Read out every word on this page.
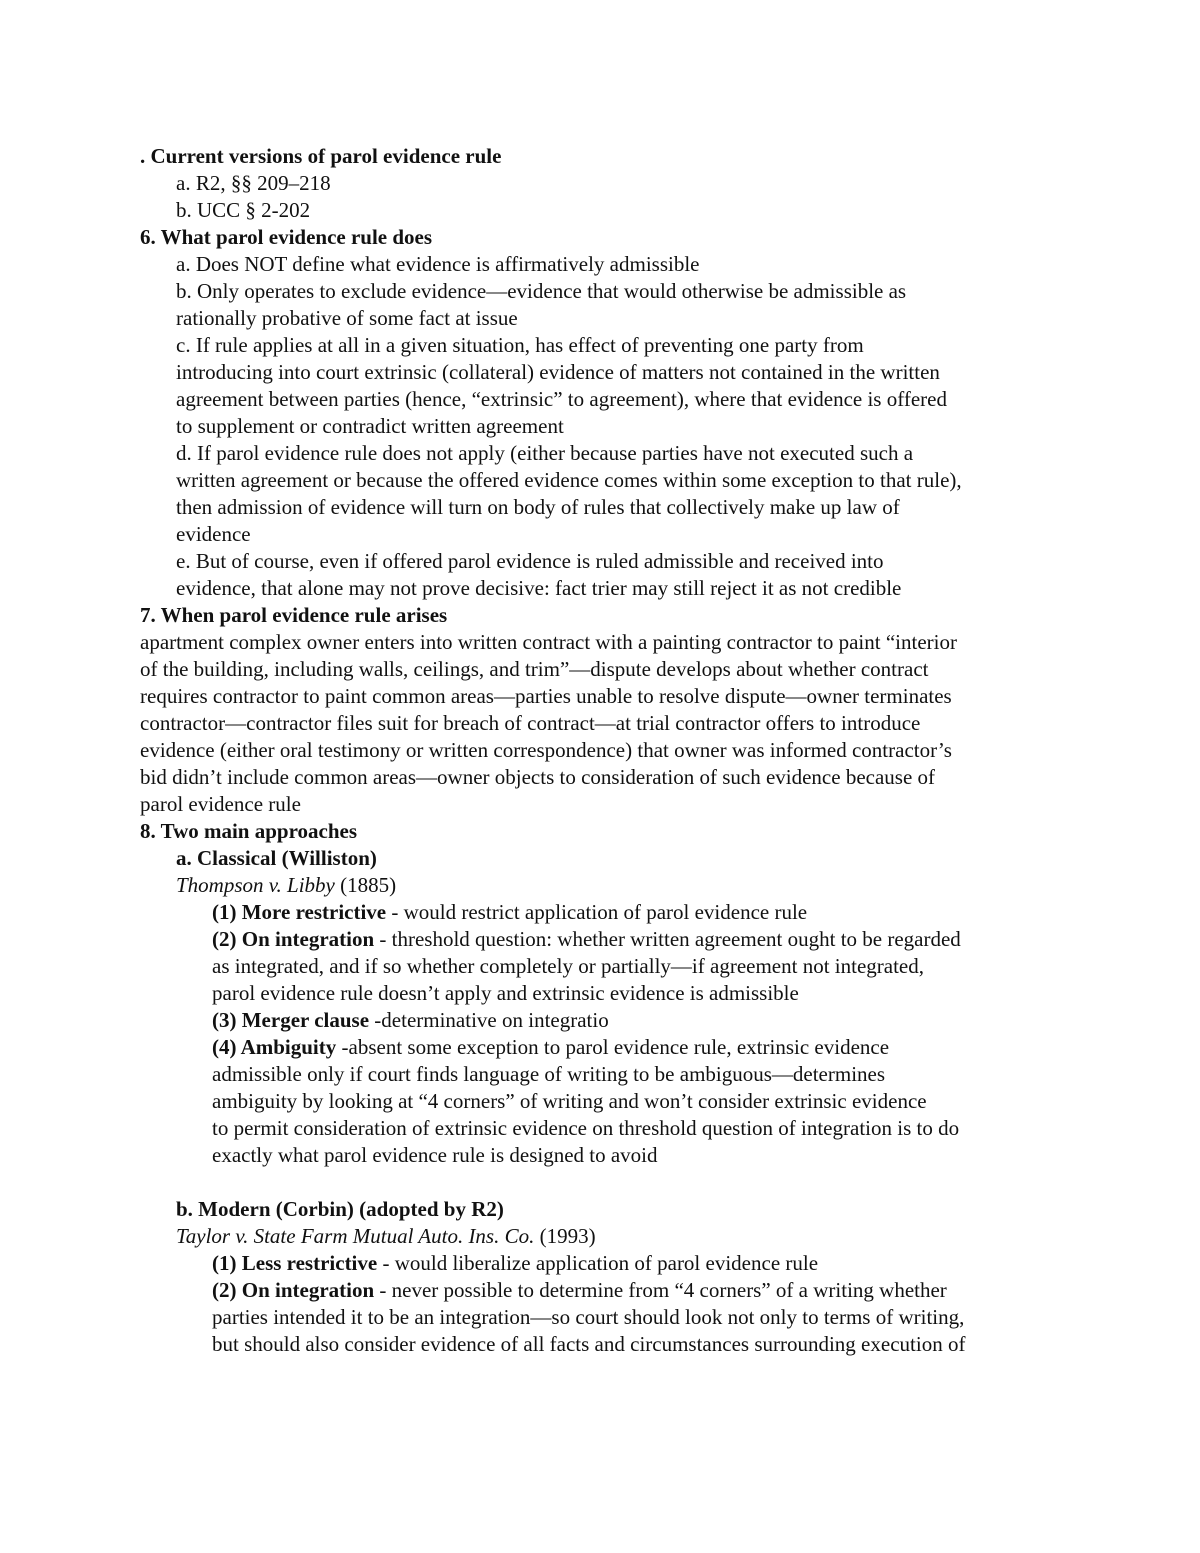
. Current versions of parol evidence rule
a. R2, §§ 209–218
b. UCC § 2-202
6. What parol evidence rule does
a. Does NOT define what evidence is affirmatively admissible
b. Only operates to exclude evidence—evidence that would otherwise be admissible as
rationally probative of some fact at issue
c. If rule applies at all in a given situation, has effect of preventing one party from
introducing into court extrinsic (collateral) evidence of matters not contained in the written
agreement between parties (hence, “extrinsic” to agreement), where that evidence is offered
to supplement or contradict written agreement
d. If parol evidence rule does not apply (either because parties have not executed such a
written agreement or because the offered evidence comes within some exception to that rule),
then admission of evidence will turn on body of rules that collectively make up law of
evidence
e. But of course, even if offered parol evidence is ruled admissible and received into
evidence, that alone may not prove decisive: fact trier may still reject it as not credible
7. When parol evidence rule arises
apartment complex owner enters into written contract with a painting contractor to paint “interior
of the building, including walls, ceilings, and trim”—dispute develops about whether contract
requires contractor to paint common areas—parties unable to resolve dispute—owner terminates
contractor—contractor files suit for breach of contract—at trial contractor offers to introduce
evidence (either oral testimony or written correspondence) that owner was informed contractor’s
bid didn’t include common areas—owner objects to consideration of such evidence because of
parol evidence rule
8. Two main approaches
a. Classical (Williston)
Thompson v. Libby (1885)
(1) More restrictive - would restrict application of parol evidence rule
(2) On integration - threshold question: whether written agreement ought to be regarded
as integrated, and if so whether completely or partially—if agreement not integrated,
parol evidence rule doesn’t apply and extrinsic evidence is admissible
(3) Merger clause -determinative on integratio
(4) Ambiguity -absent some exception to parol evidence rule, extrinsic evidence
admissible only if court finds language of writing to be ambiguous—determines
ambiguity by looking at “4 corners” of writing and won’t consider extrinsic evidence
to permit consideration of extrinsic evidence on threshold question of integration is to do
exactly what parol evidence rule is designed to avoid
b. Modern (Corbin) (adopted by R2)
Taylor v. State Farm Mutual Auto. Ins. Co. (1993)
(1) Less restrictive - would liberalize application of parol evidence rule
(2) On integration - never possible to determine from “4 corners” of a writing whether
parties intended it to be an integration—so court should look not only to terms of writing,
but should also consider evidence of all facts and circumstances surrounding execution of
